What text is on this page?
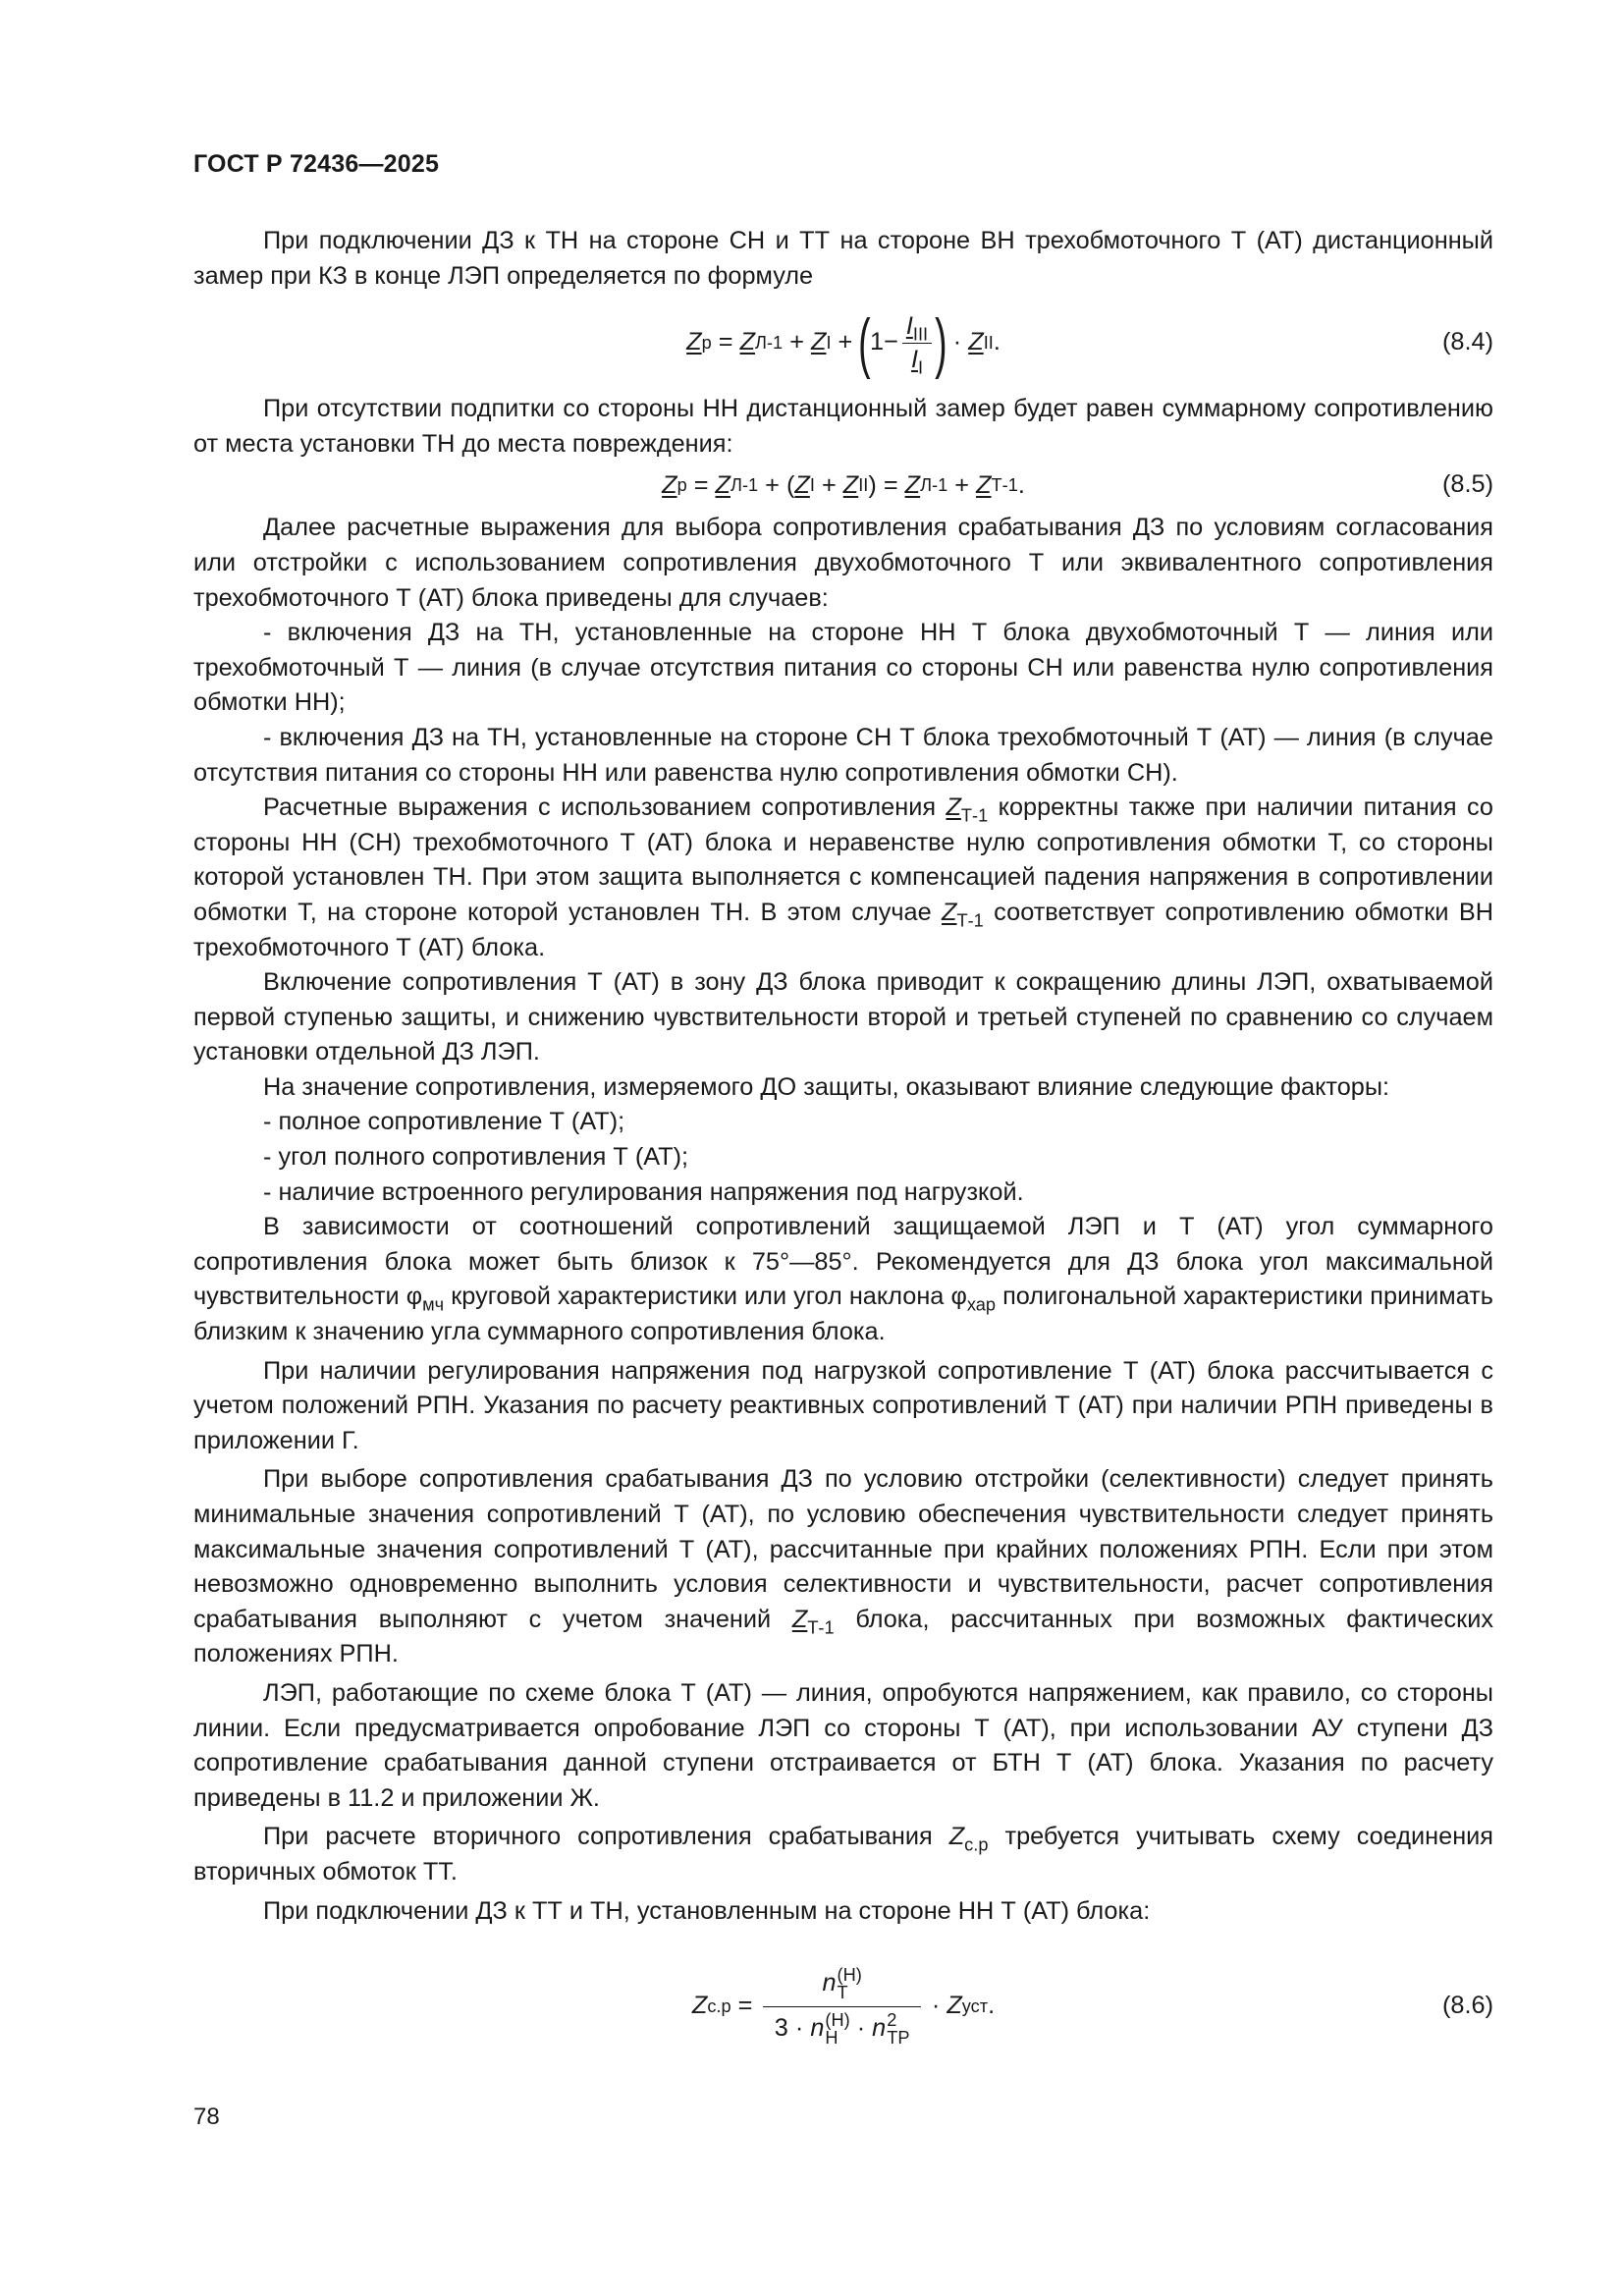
ГОСТ Р 72436—2025

При подключении ДЗ к ТН на стороне СН и ТТ на стороне ВН трехобмоточного Т (АТ) дистанционный замер при КЗ в конце ЛЭП определяется по формуле

Z р
=
Z Л-1
+
Z I
+
( $1 - \frac{I_{III}}{I_I}$ )
·
Z II .	(8.4)

При отсутствии подпитки со стороны НН дистанционный замер будет равен суммарному сопротивлению от места установки ТН до места повреждения:

Z р = Z Л-1 + ( Z I + Z II ) = Z Л-1 + Z Т-1 .	(8.5)

Далее расчетные выражения для выбора сопротивления срабатывания ДЗ по условиям согласования или отстройки с использованием сопротивления двухобмоточного Т или эквивалентного сопротивления трехобмоточного Т (АТ) блока приведены для случаев:

- включения ДЗ на ТН, установленные на стороне НН Т блока двухобмоточный Т — линия или трехобмоточный Т — линия (в случае отсутствия питания со стороны СН или равенства нулю сопротивления обмотки НН);

- включения ДЗ на ТН, установленные на стороне СН Т блока трехобмоточный Т (АТ) — линия (в случае отсутствия питания со стороны НН или равенства нулю сопротивления обмотки СН).

Расчетные выражения с использованием сопротивления $Z_{Т-1}$ корректны также при наличии питания со стороны НН (СН) трехобмоточного Т (АТ) блока и неравенстве нулю сопротивления обмотки Т, со стороны которой установлен ТН. При этом защита выполняется с компенсацией падения напряжения в сопротивлении обмотки Т, на стороне которой установлен ТН. В этом случае $Z_{Т-1}$ соответствует сопротивлению обмотки ВН трехобмоточного Т (АТ) блока.

Включение сопротивления Т (АТ) в зону ДЗ блока приводит к сокращению длины ЛЭП, охватываемой первой ступенью защиты, и снижению чувствительности второй и третьей ступеней по сравнению со случаем установки отдельной ДЗ ЛЭП.

На значение сопротивления, измеряемого ДО защиты, оказывают влияние следующие факторы:

- полное сопротивление Т (АТ);

- угол полного сопротивления Т (АТ);

- наличие встроенного регулирования напряжения под нагрузкой.

В зависимости от соотношений сопротивлений защищаемой ЛЭП и Т (АТ) угол суммарного сопротивления блока может быть близок к 75°—85°. Рекомендуется для ДЗ блока угол максимальной чувствительности $\varphi_{мч}$ круговой характеристики или угол наклона $\varphi_{хар}$ полигональной характеристики принимать близким к значению угла суммарного сопротивления блока.

При наличии регулирования напряжения под нагрузкой сопротивление Т (АТ) блока рассчитывается с учетом положений РПН. Указания по расчету реактивных сопротивлений Т (АТ) при наличии РПН приведены в приложении Г.

При выборе сопротивления срабатывания ДЗ по условию отстройки (селективности) следует принять минимальные значения сопротивлений Т (АТ), по условию обеспечения чувствительности следует принять максимальные значения сопротивлений Т (АТ), рассчитанные при крайних положениях РПН. Если при этом невозможно одновременно выполнить условия селективности и чувствительности, расчет сопротивления срабатывания выполняют с учетом значений $Z_{Т-1}$ блока, рассчитанных при возможных фактических положениях РПН.

ЛЭП, работающие по схеме блока Т (АТ) — линия, опробуются напряжением, как правило, со стороны линии. Если предусматривается опробование ЛЭП со стороны Т (АТ), при использовании АУ ступени ДЗ сопротивление срабатывания данной ступени отстраивается от БТН Т (АТ) блока. Указания по расчету приведены в 11.2 и приложении Ж.

При расчете вторичного сопротивления срабатывания $Z_{с.р}$ требуется учитывать схему соединения вторичных обмоток ТТ.

При подключении ДЗ к ТТ и ТН, установленным на стороне НН Т (АТ) блока:

Z с.р
=
n (Н)
Т
3 · n (Н)
Н · n 2
ТР
·
Z уст .	(8.6)
78
